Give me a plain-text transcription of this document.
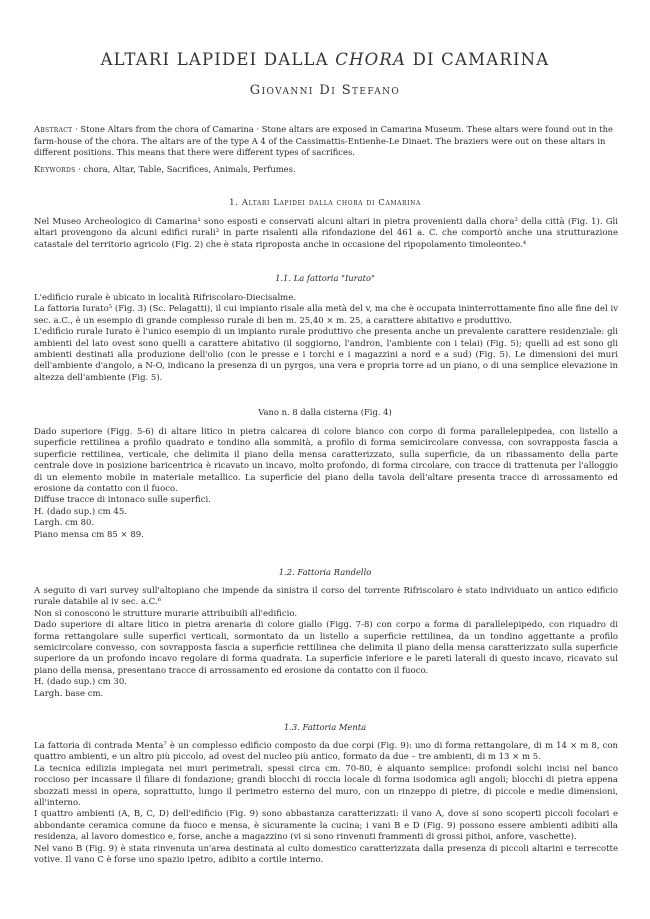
ALTARI LAPIDEI DALLA CHORA DI CAMARINA
Giovanni Di Stefano
Abstract · Stone Altars from the chora of Camarina · Stone altars are exposed in Camarina Museum. These altars were found out in the farm-house of the chora. The altars are of the type A 4 of the Cassimattis-Entienhe-Le Dinaet. The braziers were out on these altars in different positions. This means that there were different types of sacrifices.
Keywords · chora, Altar, Table, Sacrifices, Animals, Perfumes.
1. Altari Lapidei dalla chora di Camarina

Nel Museo Archeologico di Camarina¹ sono esposti e conservati alcuni altari in pietra provenienti dalla chora² della città (Fig. 1). Gli altari provengono da alcuni edifici rurali³ in parte risalenti alla rifondazione del 461 a. C. che comportò anche una strutturazione catastale del territorio agricolo (Fig. 2) che è stata riproposta anche in occasione del ripopolamento timoleonteo.⁴

1.1. La fattoria "Iurato"

L'edificio rurale è ubicato in località Rifriscolaro-Diecisalme.

La fattoria Iurato⁵ (Fig. 3) (Sc. Pelagatti), il cui impianto risale alla metà del v, ma che è occupata ininterrottamente fino alle fine del iv sec. a.C., è un esempio di grande complesso rurale di ben m. 25,40 × m. 25, a carattere abitativo e produttivo.

L'edificio rurale Iurato è l'unico esempio di un impianto rurale produttivo che presenta anche un prevalente carattere residenziale: gli ambienti del lato ovest sono quelli a carattere abitativo (il soggiorno, l'andron, l'ambiente con i telai) (Fig. 5); quelli ad est sono gli ambienti destinati alla produzione dell'olio (con le presse e i torchi e i magazzini a nord e a sud) (Fig. 5). Le dimensioni dei muri dell'ambiente d'angolo, a N-O, indicano la presenza di un pyrgos, una vera e propria torre ad un piano, o di una semplice elevazione in altezza dell'ambiente (Fig. 5).

Vano n. 8 dalla cisterna (Fig. 4)

Dado superiore (Figg. 5-6) di altare litico in pietra calcarea di colore bianco con corpo di forma parallelepipedea, con listello a superficie rettilinea a profilo quadrato e tondino alla sommità, a profilo di forma semicircolare convessa, con sovrapposta fascia a superficie rettilinea, verticale, che delimita il piano della mensa caratterizzato, sulla superficie, da un ribassamento della parte centrale dove in posizione baricentrica è ricavato un incavo, molto profondo, di forma circolare, con tracce di trattenuta per l'alloggio di un elemento mobile in materiale metallico. La superficie del piano della tavola dell'altare presenta tracce di arrossamento ed erosione da contatto con il fuoco.

Diffuse tracce di intonaco sulle superfici.

H. (dado sup.) cm 45.

Largh. cm 80.

Piano mensa cm 85 × 89.

1.2. Fattoria Randello

A seguito di vari survey sull'altopiano che impende da sinistra il corso del torrente Rifriscolaro è stato individuato un antico edificio rurale databile al iv sec. a.C.⁶

Non si conoscono le strutture murarie attribuibili all'edificio.

Dado superiore di altare litico in pietra arenaria di colore giallo (Figg. 7-8) con corpo a forma di parallelepipedo, con riquadro di forma rettangolare sulle superfici verticali, sormontato da un listello a superficie rettilinea, da un tondino aggettante a profilo semicircolare convesso, con sovrapposta fascia a superficie rettilinea che delimita il piano della mensa caratterizzato sulla superficie superiore da un profondo incavo regolare di forma quadrata. La superficie inferiore e le pareti laterali di questo incavo, ricavato sul piano della mensa, presentano tracce di arrossamento ed erosione da contatto con il fuoco.

H. (dado sup.) cm 30.

Largh. base cm.

1.3. Fattoria Menta

La fattoria di contrada Menta⁷ è un complesso edificio composto da due corpi (Fig. 9): uno di forma rettangolare, di m 14 × m 8, con quattro ambienti, e un altro più piccolo, ad ovest del nucleo più antico, formato da due – tre ambienti, di m 13 × m 5.

La tecnica edilizia impiegata nei muri perimetrali, spessi circa cm. 70-80, è alquanto semplice: profondi solchi incisi nel banco roccioso per incassare il filiare di fondazione; grandi blocchi di roccia locale di forma isodomica agli angoli; blocchi di pietra appena sbozzati messi in opera, soprattutto, lungo il perimetro esterno del muro, con un rinzeppo di pietre, di piccole e medie dimensioni, all'interno.

I quattro ambienti (A, B, C, D) dell'edificio (Fig. 9) sono abbastanza caratterizzati: il vano A, dove si sono scoperti piccoli focolari e abbondante ceramica comune da fuoco e mensa, è sicuramente la cucina; i vani B e D (Fig. 9) possono essere ambienti adibiti alla residenza, al lavoro domestico e, forse, anche a magazzino (vi si sono rinvenuti frammenti di grossi pithoi, anfore, vaschette).

Nel vano B (Fig. 9) è stata rinvenuta un'area destinata al culto domestico caratterizzata dalla presenza di piccoli altarini e terrecotte votive. Il vano C è forse uno spazio ipetro, adibito a cortile interno.
